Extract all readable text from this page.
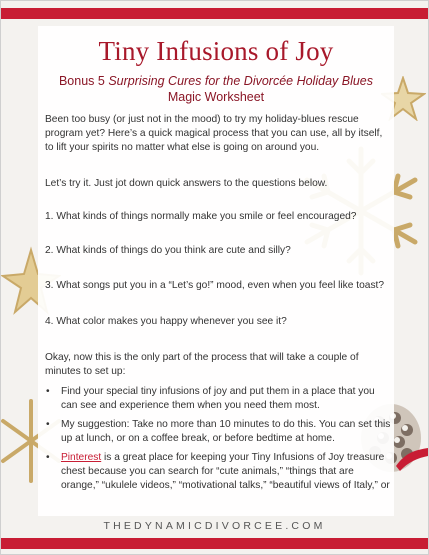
Tiny Infusions of Joy
Bonus 5 Surprising Cures for the Divorcée Holiday Blues
Magic Worksheet

Been too busy (or just not in the mood) to try my holiday-blues rescue program yet? Here’s a quick magical process that you can use, all by itself, to lift your spirits no matter what else is going on around you.

Let’s try it. Just jot down quick answers to the questions below.

1. What kinds of things normally make you smile or feel encouraged?

2. What kinds of things do you think are cute and silly?

3. What songs put you in a “Let’s go!” mood, even when you feel like toast?

4. What color makes you happy whenever you see it?

Okay, now this is the only part of the process that will take a couple of minutes to set up:

• Find your special tiny infusions of joy and put them in a place that you can see and experience them when you need them most.
• My suggestion: Take no more than 10 minutes to do this. You can set this up at lunch, or on a coffee break, or before bedtime at home.
• Pinterest is a great place for keeping your Tiny Infusions of Joy treasure chest because you can search for “cute animals,” “things that are orange,” “ukulele videos,” “motivational talks,” “beautiful views of Italy,” or
THEDYNAMICDIVORCEE.COM
